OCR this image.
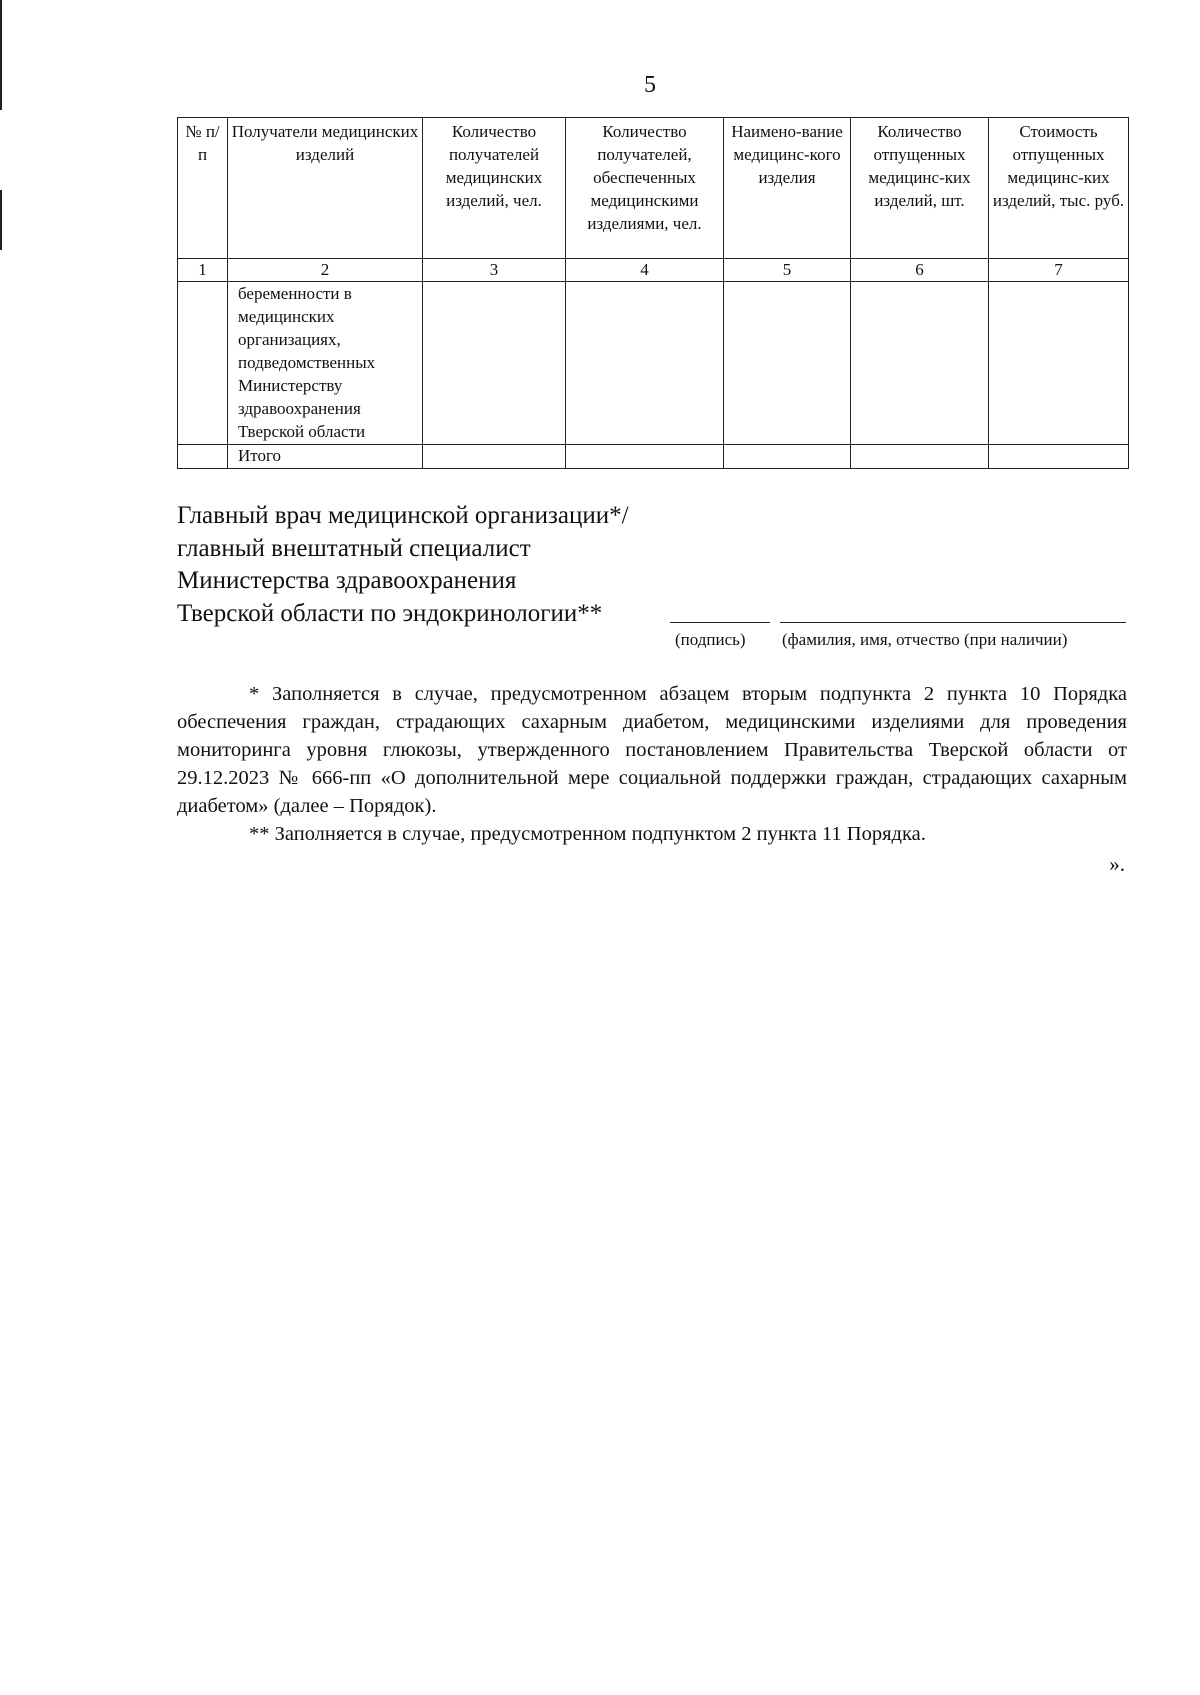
5
№ п/п	Получатели медицинских изделий	Количество получателей медицинских изделий, чел.	Количество получателей, обеспеченных медицинскими изделиями, чел.	Наимено-вание медицинс-кого изделия	Количество отпущенных медицинс-ких изделий, шт.	Стоимость отпущенных медицинс-ких изделий, тыс. руб.
1	2	3	4	5	6	7
	беременности в медицинских организациях, подведомственных Министерству здравоохранения Тверской области					
	Итого					
Главный врач медицинской организации*/
главный внештатный специалист
Министерства здравоохранения
Тверской области по эндокринологии**
(подпись) (фамилия, имя, отчество (при наличии)

* Заполняется в случае, предусмотренном абзацем вторым подпункта 2 пункта 10 Порядка обеспечения граждан, страдающих сахарным диабетом, медицинскими изделиями для проведения мониторинга уровня глюкозы, утвержденного постановлением Правительства Тверской области от 29.12.2023 № 666-пп «О дополнительной мере социальной поддержки граждан, страдающих сахарным диабетом» (далее – Порядок).

** Заполняется в случае, предусмотренном подпунктом 2 пункта 11 Порядка.

».
